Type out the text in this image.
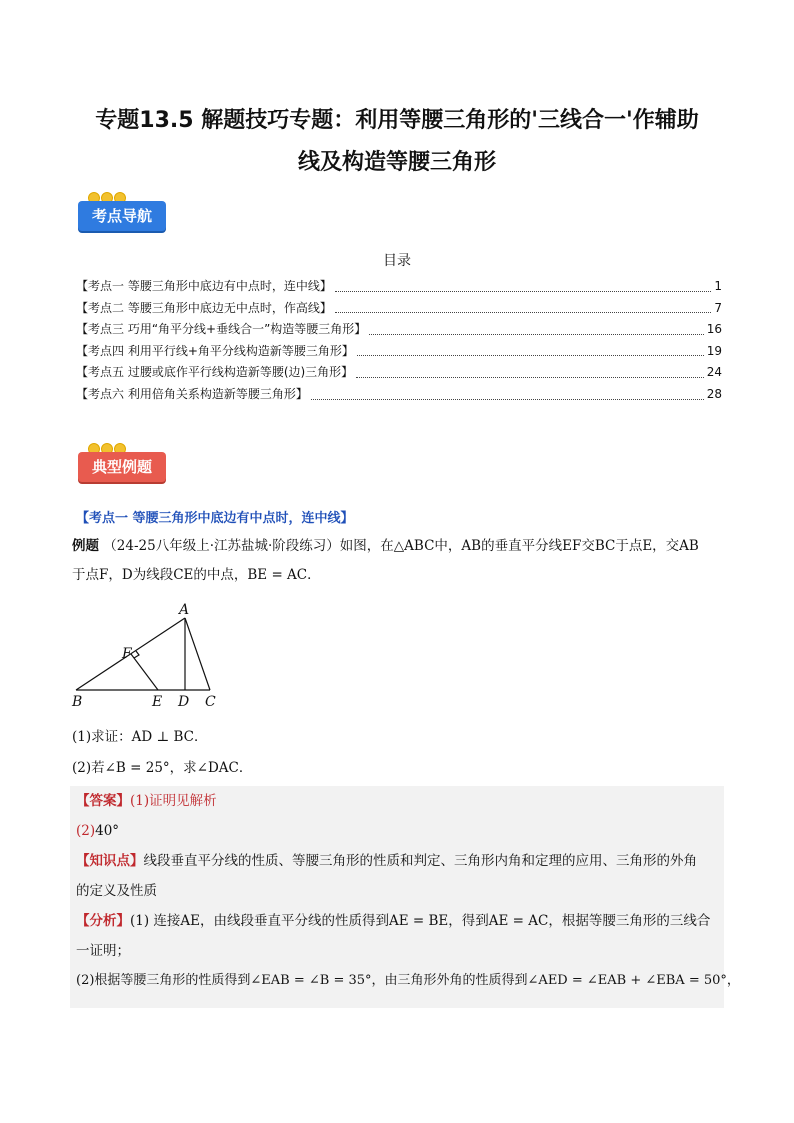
专题13.5 解题技巧专题：利用等腰三角形的'三线合一'作辅助
线及构造等腰三角形
考点导航
目录
【考点一 等腰三角形中底边有中点时，连中线】	1
【考点二 等腰三角形中底边无中点时，作高线】	7
【考点三 巧用“角平分线+垂线合一”构造等腰三角形】	16
【考点四 利用平行线+角平分线构造新等腰三角形】	19
【考点五 过腰或底作平行线构造新等腰(边)三角形】	24
【考点六 利用倍角关系构造新等腰三角形】	28
典型例题
【考点一 等腰三角形中底边有中点时，连中线】
例题 （24-25八年级上·江苏盐城·阶段练习）如图，在△ABC中，AB的垂直平分线EF交BC于点E，交AB
于点F，D为线段CE的中点，BE = AC．
A
F
B	E D C
(1)求证：AD ⊥ BC．
(2)若∠B = 25°，求∠DAC．
【答案】(1)证明见解析
(2)40°
【知识点】线段垂直平分线的性质、等腰三角形的性质和判定、三角形内角和定理的应用、三角形的外角
的定义及性质
【分析】(1) 连接AE，由线段垂直平分线的性质得到AE = BE，得到AE = AC，根据等腰三角形的三线合
一证明；
(2)根据等腰三角形的性质得到∠EAB = ∠B = 35°，由三角形外角的性质得到∠AED = ∠EAB + ∠EBA = 50°，
